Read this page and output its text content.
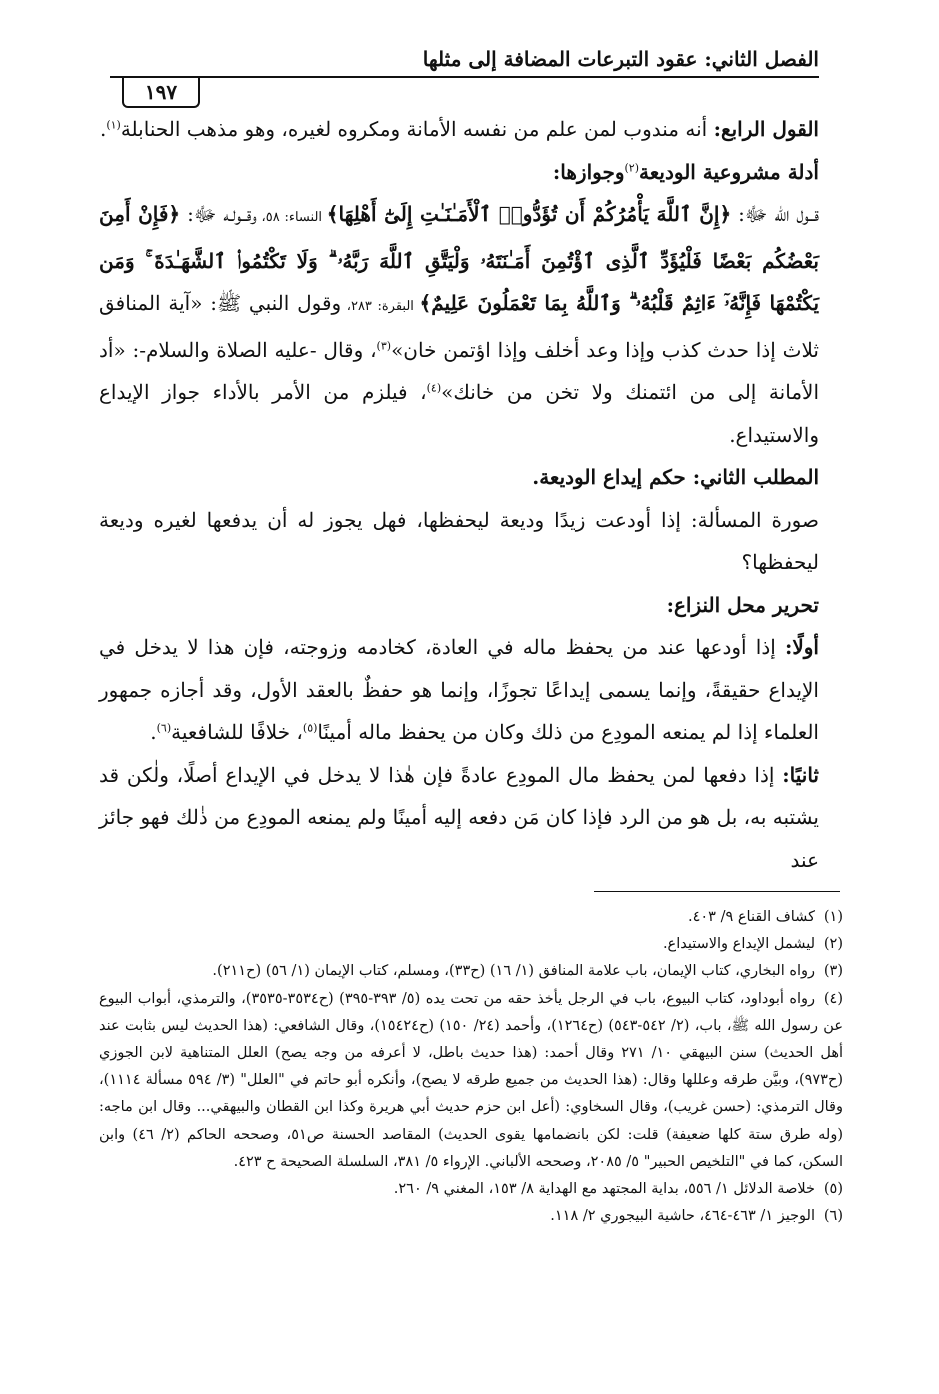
الفصل الثاني: عقود التبرعات المضافة إلى مثلها
١٩٧

القول الرابع: أنه مندوب لمن علم من نفسه الأمانة ومكروه لغيره، وهو مذهب الحنابلة$^{(١)}$.

أدلة مشروعية الوديعة$^{(٢)}$وجوازها:

قــول الله ﷻ: ﴿إِنَّ ٱللَّهَ يَأْمُرُكُمْ أَن تُؤَدُّوا۟ ٱلْأَمَـٰنَـٰتِ إِلَىٰٓ أَهْلِهَا﴾ النساء: ٥٨، وقــولـه ﷻ: ﴿فَإِنْ أَمِنَ بَعْضُكُم بَعْضًا فَلْيُؤَدِّ ٱلَّذِى ٱؤْتُمِنَ أَمَـٰنَتَهُۥ وَلْيَتَّقِ ٱللَّهَ رَبَّهُۥ ۗ وَلَا تَكْتُمُوا۟ ٱلشَّهَـٰدَةَ ۚ وَمَن يَكْتُمْهَا فَإِنَّهُۥٓ ءَاثِمٌ قَلْبُهُۥ ۗ وَٱللَّهُ بِمَا تَعْمَلُونَ عَلِيمٌ﴾ البقرة: ٢٨٣، وقول النبي ﷺ: «آية المنافق ثلاث إذا حدث كذب وإذا وعد أخلف وإذا اؤتمن خان»$^{(٣)}$، وقال -عليه الصلاة والسلام-: «أد الأمانة إلى من ائتمنك ولا تخن من خانك»$^{(٤)}$، فيلزم من الأمر بالأداء جواز الإيداع والاستيداع.

المطلب الثاني: حكم إيداع الوديعة.

صورة المسألة: إذا أودعت زيدًا وديعة ليحفظها، فهل يجوز له أن يدفعها لغيره وديعة ليحفظها؟

تحرير محل النزاع:

أولًا: إذا أودعها عند من يحفظ ماله في العادة، كخادمه وزوجته، فإن هذا لا يدخل في الإيداع حقيقةً، وإنما يسمى إيداعًا تجوزًا، وإنما هو حفظٌ بالعقد الأول، وقد أجازه جمهور العلماء إذا لم يمنعه المودِع من ذلك وكان من يحفظ ماله أمينًا$^{(٥)}$، خلافًا للشافعية$^{(٦)}$.

ثانيًا: إذا دفعها لمن يحفظ مال المودِع عادةً فإن هٰذا لا يدخل في الإيداع أصلًا، ولٰكن قد يشتبه به، بل هو من الرد فإذا كان مَن دفعه إليه أمينًا ولم يمنعه المودِع من ذٰلك فهو جائز عند

(١)كشاف القناع ٩/ ٤٠٣.

(٢)ليشمل الإيداع والاستيداع.

(٣)رواه البخاري، كتاب الإيمان، باب علامة المنافق (١/ ١٦) (ح٣٣)، ومسلم، كتاب الإيمان (١/ ٥٦) (ح٢١١).

(٤)رواه أبوداود، كتاب البيوع، باب في الرجل يأخذ حقه من تحت يده (٥/ ٣٩٣-٣٩٥) (ح٣٥٣٤-٣٥٣٥)، والترمذي، أبواب البيوع عن رسول الله ﷺ، باب، (٢/ ٥٤٢-٥٤٣) (ح١٢٦٤)، وأحمد (٢٤/ ١٥٠) (ح١٥٤٢٤)، وقال الشافعي: (هذا الحديث ليس بثابت عند أهل الحديث) سنن البيهقي ١٠/ ٢٧١ وقال أحمد: (هذا حديث باطل، لا أعرفه من وجه يصح) العلل المتناهية لابن الجوزي (ح٩٧٣)، وبيَّن طرقه وعللها وقال: (هذا الحديث من جميع طرقه لا يصح)، وأنكره أبو حاتم في "العلل" (٣/ ٥٩٤ مسألة ١١١٤)، وقال الترمذي: (حسن غريب)، وقال السخاوي: (أعل ابن حزم حديث أبي هريرة وكذا ابن القطان والبيهقي... وقال ابن ماجه: (وله طرق ستة كلها ضعيفة) قلت: لكن بانضمامها يقوى الحديث) المقاصد الحسنة ص٥١، وصححه الحاكم (٢/ ٤٦) وابن السكن، كما في "التلخيص الحبير" ٥/ ٢٠٨٥، وصححه الألباني. الإرواء ٥/ ٣٨١، السلسلة الصحيحة ح ٤٢٣.

(٥)خلاصة الدلائل ١/ ٥٥٦، بداية المجتهد مع الهداية ٨/ ١٥٣، المغني ٩/ ٢٦٠.

(٦)الوجيز ١/ ٤٦٣-٤٦٤، حاشية البيجوري ٢/ ١١٨.
